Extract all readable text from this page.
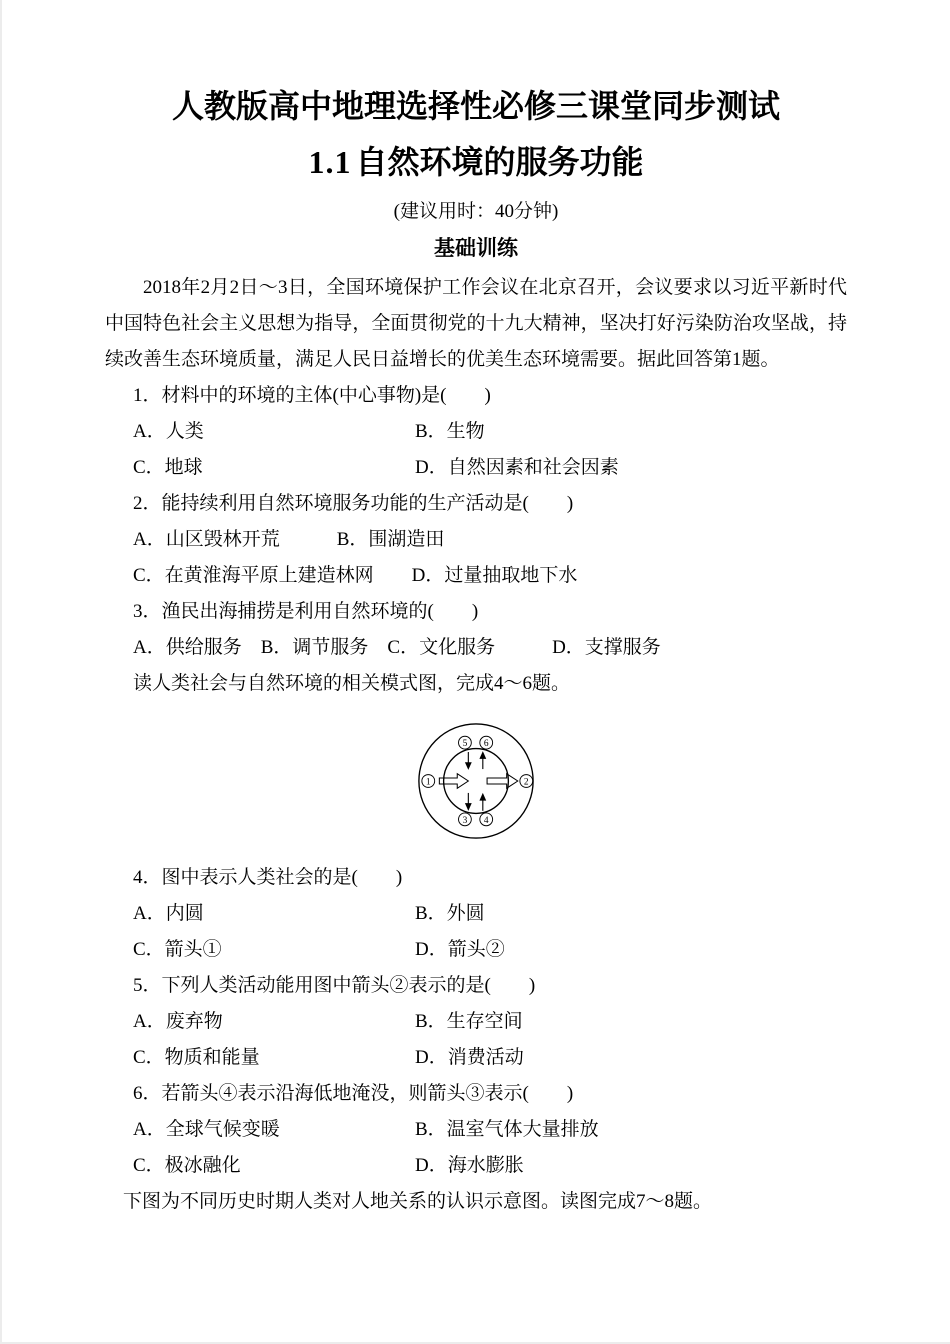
人教版高中地理选择性必修三课堂同步测试
1.1 自然环境的服务功能
(建议用时：40分钟)
基础训练

2018年2月2日～3日，全国环境保护工作会议在北京召开，会议要求以习近平新时代中国特色社会主义思想为指导，全面贯彻党的十九大精神，坚决打好污染防治攻坚战，持续改善生态环境质量，满足人民日益增长的优美生态环境需要。据此回答第1题。

1．材料中的环境的主体(中心事物)是(　　)
A．人类	B．生物
C．地球	D．自然因素和社会因素
2．能持续利用自然环境服务功能的生产活动是(　　)
A．山区毁林开荒　　　B．围湖造田
C．在黄淮海平原上建造林网　　D．过量抽取地下水
3．渔民出海捕捞是利用自然环境的(　　)
A．供给服务　B．调节服务　C．文化服务　　　D．支撑服务
读人类社会与自然环境的相关模式图，完成4～6题。
5 6
3 4
1	2
4．图中表示人类社会的是(　　)
A．内圆	B．外圆
C．箭头①	D．箭头②
5．下列人类活动能用图中箭头②表示的是(　　)
A．废弃物	B．生存空间
C．物质和能量	D．消费活动
6．若箭头④表示沿海低地淹没，则箭头③表示(　　)
A．全球气候变暖	B．温室气体大量排放
C．极冰融化	D．海水膨胀
下图为不同历史时期人类对人地关系的认识示意图。读图完成7～8题。
